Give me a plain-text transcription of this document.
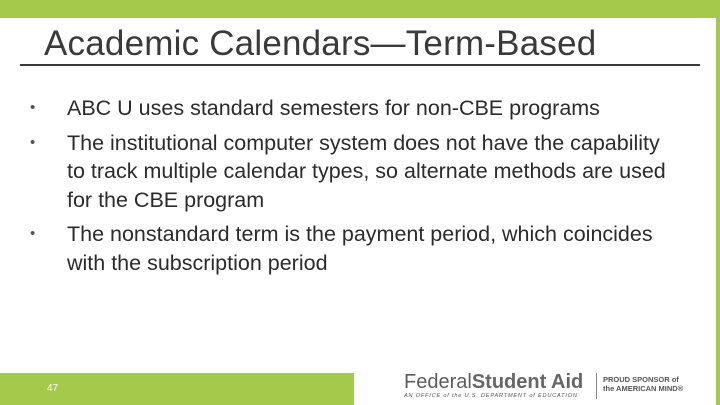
Academic Calendars—Term-Based
• ABC U uses standard semesters for non-CBE programs
• The institutional computer system does not have the capability to track multiple calendar types, so alternate methods are used for the CBE program
• The nonstandard term is the payment period, which coincides with the subscription period
47	FederalStudent Aid
AN OFFICE of the U.S. DEPARTMENT of EDUCATION
PROUD SPONSOR of
the AMERICAN MIND®
